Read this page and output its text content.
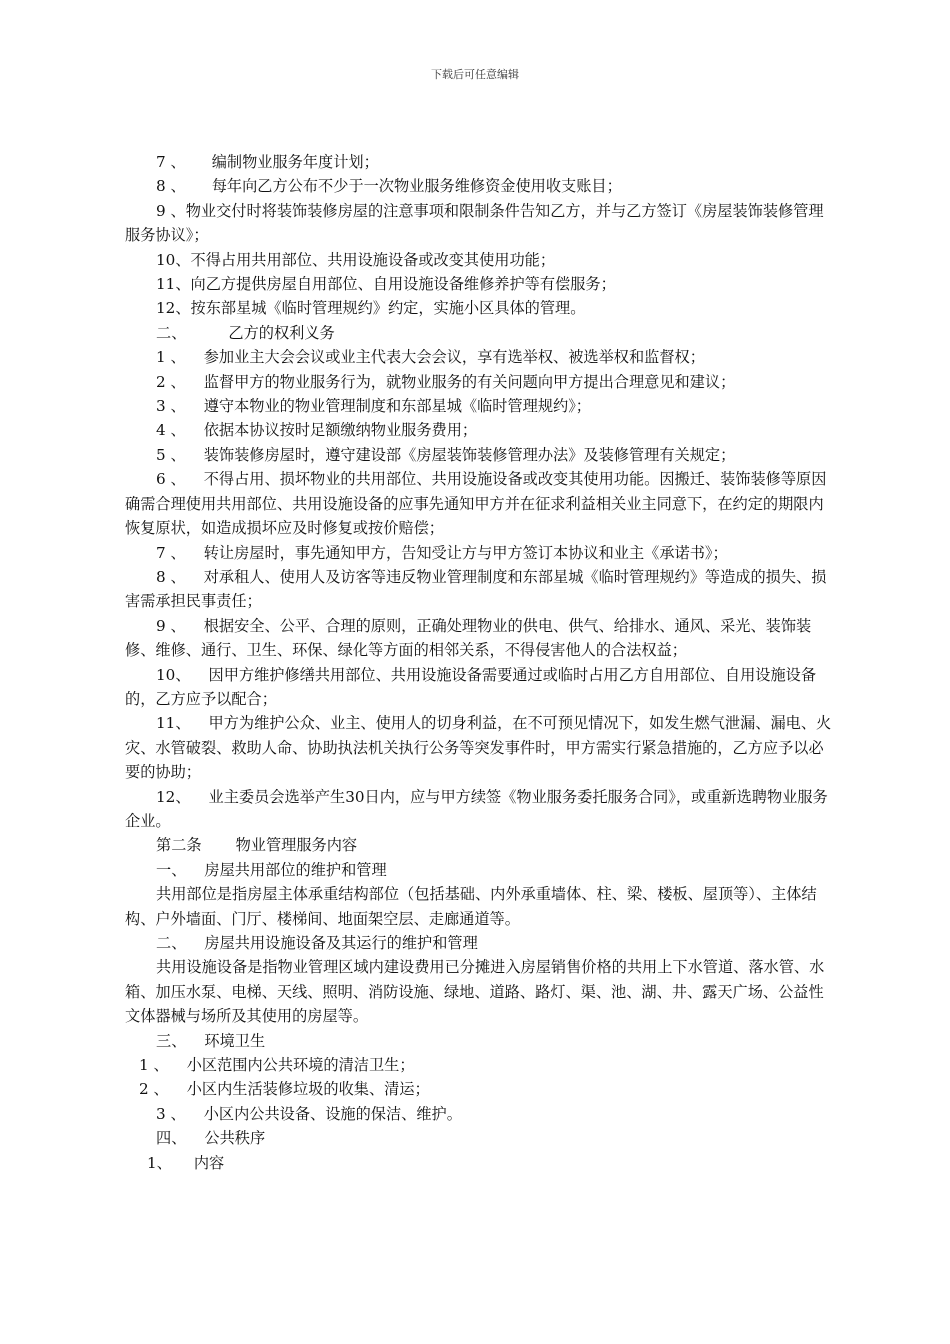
下载后可任意编辑

7 、 编制物业服务年度计划；

8 、 每年向乙方公布不少于一次物业服务维修资金使用收支账目；

9 、物业交付时将装饰装修房屋的注意事项和限制条件告知乙方，并与乙方签订《房屋装饰装修管理服务协议》；

10、不得占用共用部位、共用设施设备或改变其使用功能；

11、向乙方提供房屋自用部位、自用设施设备维修养护等有偿服务；

12、按东部星城《临时管理规约》约定，实施小区具体的管理。

二、	乙方的权利义务

1 、 参加业主大会会议或业主代表大会会议，享有选举权、被选举权和监督权；

2 、 监督甲方的物业服务行为，就物业服务的有关问题向甲方提出合理意见和建议；

3 、 遵守本物业的物业管理制度和东部星城《临时管理规约》；

4 、 依据本协议按时足额缴纳物业服务费用；

5 、 装饰装修房屋时，遵守建设部《房屋装饰装修管理办法》及装修管理有关规定；

6 、 不得占用、损坏物业的共用部位、共用设施设备或改变其使用功能。因搬迁、装饰装修等原因确需合理使用共用部位、共用设施设备的应事先通知甲方并在征求利益相关业主同意下，在约定的期限内恢复原状，如造成损坏应及时修复或按价赔偿；

7 、 转让房屋时，事先通知甲方，告知受让方与甲方签订本协议和业主《承诺书》；

8 、 对承租人、使用人及访客等违反物业管理制度和东部星城《临时管理规约》等造成的损失、损害需承担民事责任；

9 、 根据安全、公平、合理的原则，正确处理物业的供电、供气、给排水、通风、采光、装饰装修、维修、通行、卫生、环保、绿化等方面的相邻关系，不得侵害他人的合法权益；

10、 因甲方维护修缮共用部位、共用设施设备需要通过或临时占用乙方自用部位、自用设施设备的，乙方应予以配合；

11、 甲方为维护公众、业主、使用人的切身利益，在不可预见情况下，如发生燃气泄漏、漏电、火灾、水管破裂、救助人命、协助执法机关执行公务等突发事件时，甲方需实行紧急措施的，乙方应予以必要的协助；

12、 业主委员会选举产生30日内，应与甲方续签《物业服务委托服务合同》，或重新选聘物业服务企业。

第二条 物业管理服务内容

一、 房屋共用部位的维护和管理

共用部位是指房屋主体承重结构部位（包括基础、内外承重墙体、柱、梁、楼板、屋顶等）、主体结构、户外墙面、门厅、楼梯间、地面架空层、走廊通道等。

二、 房屋共用设施设备及其运行的维护和管理

共用设施设备是指物业管理区域内建设费用已分摊进入房屋销售价格的共用上下水管道、落水管、水箱、加压水泵、电梯、天线、照明、消防设施、绿地、道路、路灯、渠、池、湖、井、露天广场、公益性文体器械与场所及其使用的房屋等。

三、 环境卫生

1 、 小区范围内公共环境的清洁卫生；

2 、 小区内生活装修垃圾的收集、清运；

3 、 小区内公共设备、设施的保洁、维护。

四、 公共秩序

1、 内容
